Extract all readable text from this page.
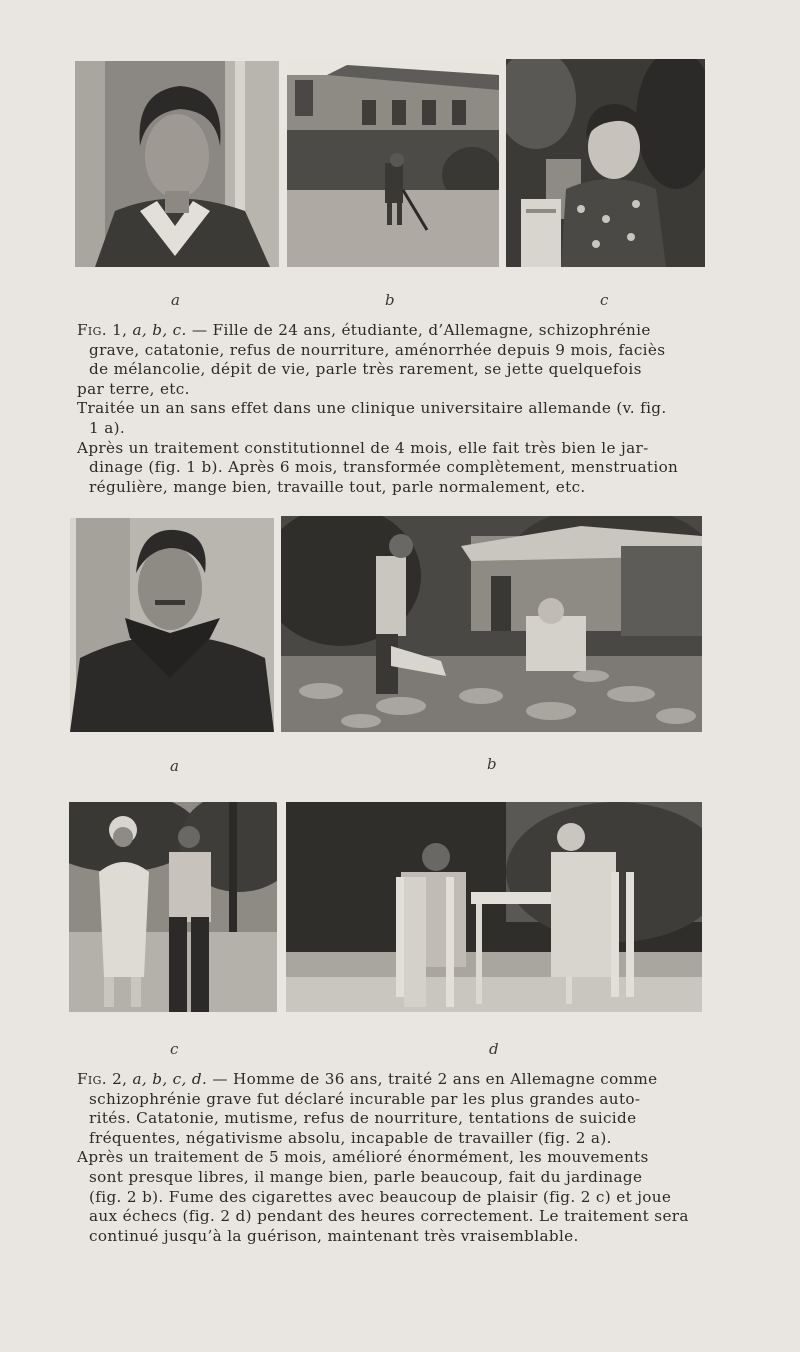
a	b	c

Fig. 1, a, b, c. — Fille de 24 ans, étudiante, d’Allemagne, schizophrénie

grave, catatonie, refus de nourriture, aménorrhée depuis 9 mois, faciès

de mélancolie, dépit de vie, parle très rarement, se jette quelquefois

par terre, etc.

Traitée un an sans effet dans une clinique universitaire allemande (v. fig.

1 a).

Après un traitement constitutionnel de 4 mois, elle fait très bien le jar-

dinage (fig. 1 b). Après 6 mois, transformée complètement, menstruation

régulière, mange bien, travaille tout, parle normalement, etc.

a	b
c	d

Fig. 2, a, b, c, d. — Homme de 36 ans, traité 2 ans en Allemagne comme

schizophrénie grave fut déclaré incurable par les plus grandes auto-

rités. Catatonie, mutisme, refus de nourriture, tentations de suicide

fréquentes, négativisme absolu, incapable de travailler (fig. 2 a).

Après un traitement de 5 mois, amélioré énormément, les mouvements

sont presque libres, il mange bien, parle beaucoup, fait du jardinage

(fig. 2 b). Fume des cigarettes avec beaucoup de plaisir (fig. 2 c) et joue

aux échecs (fig. 2 d) pendant des heures correctement. Le traitement sera

continué jusqu’à la guérison, maintenant très vraisemblable.
